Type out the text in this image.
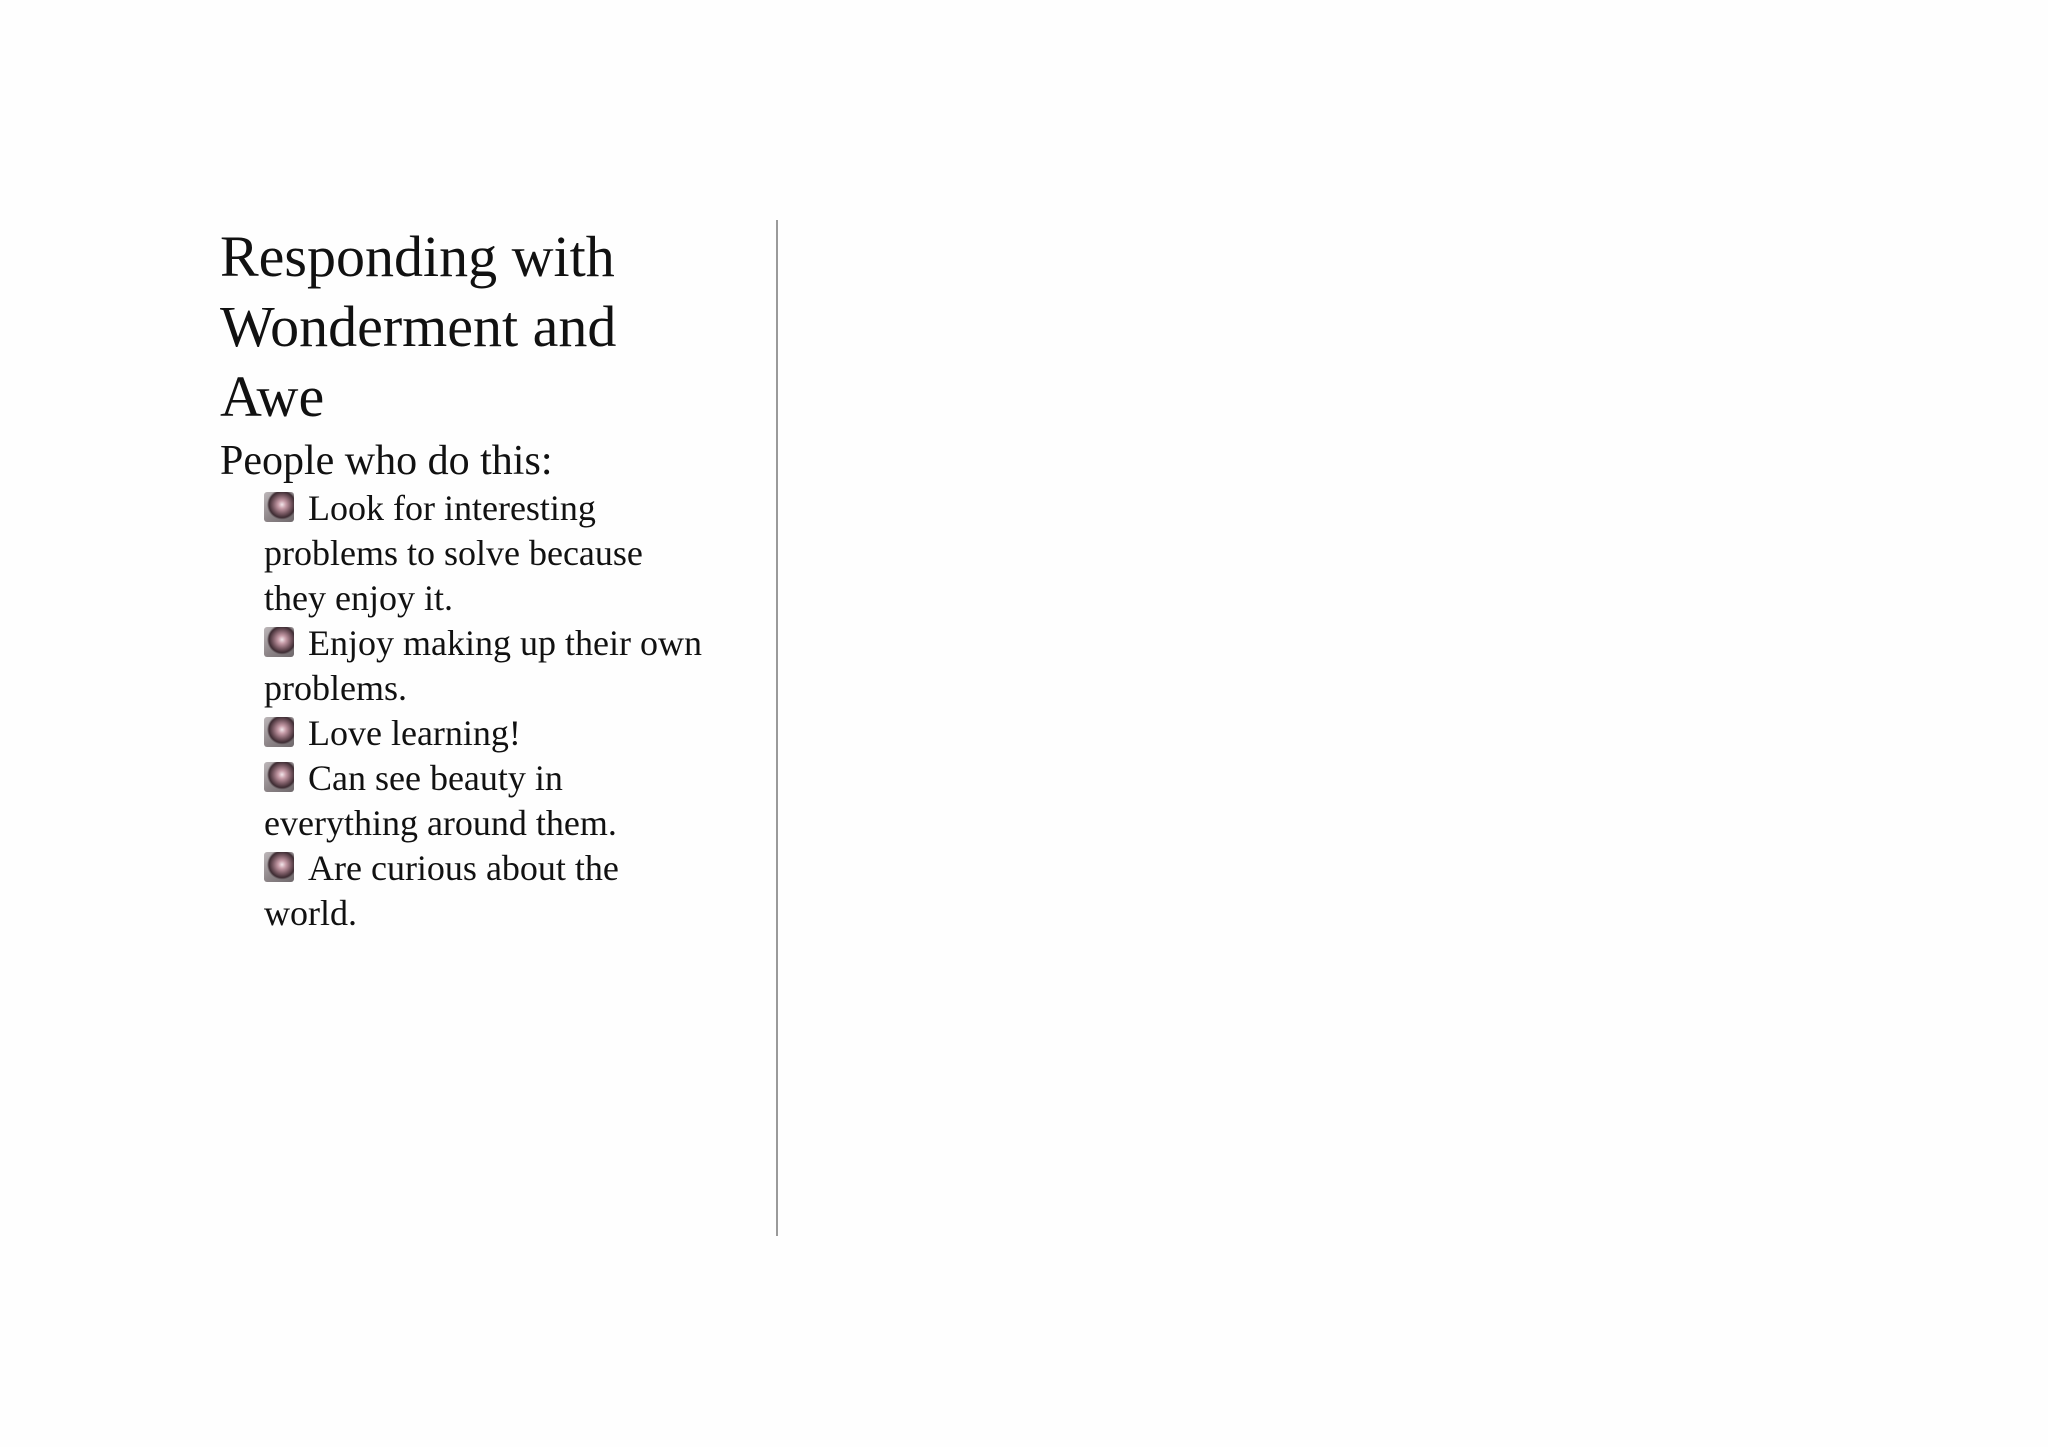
Responding with Wonderment and Awe

People who do this:

Look for interesting problems to solve because they enjoy it.
Enjoy making up their own problems.
Love learning!
Can see beauty in everything around them.
Are curious about the world.
